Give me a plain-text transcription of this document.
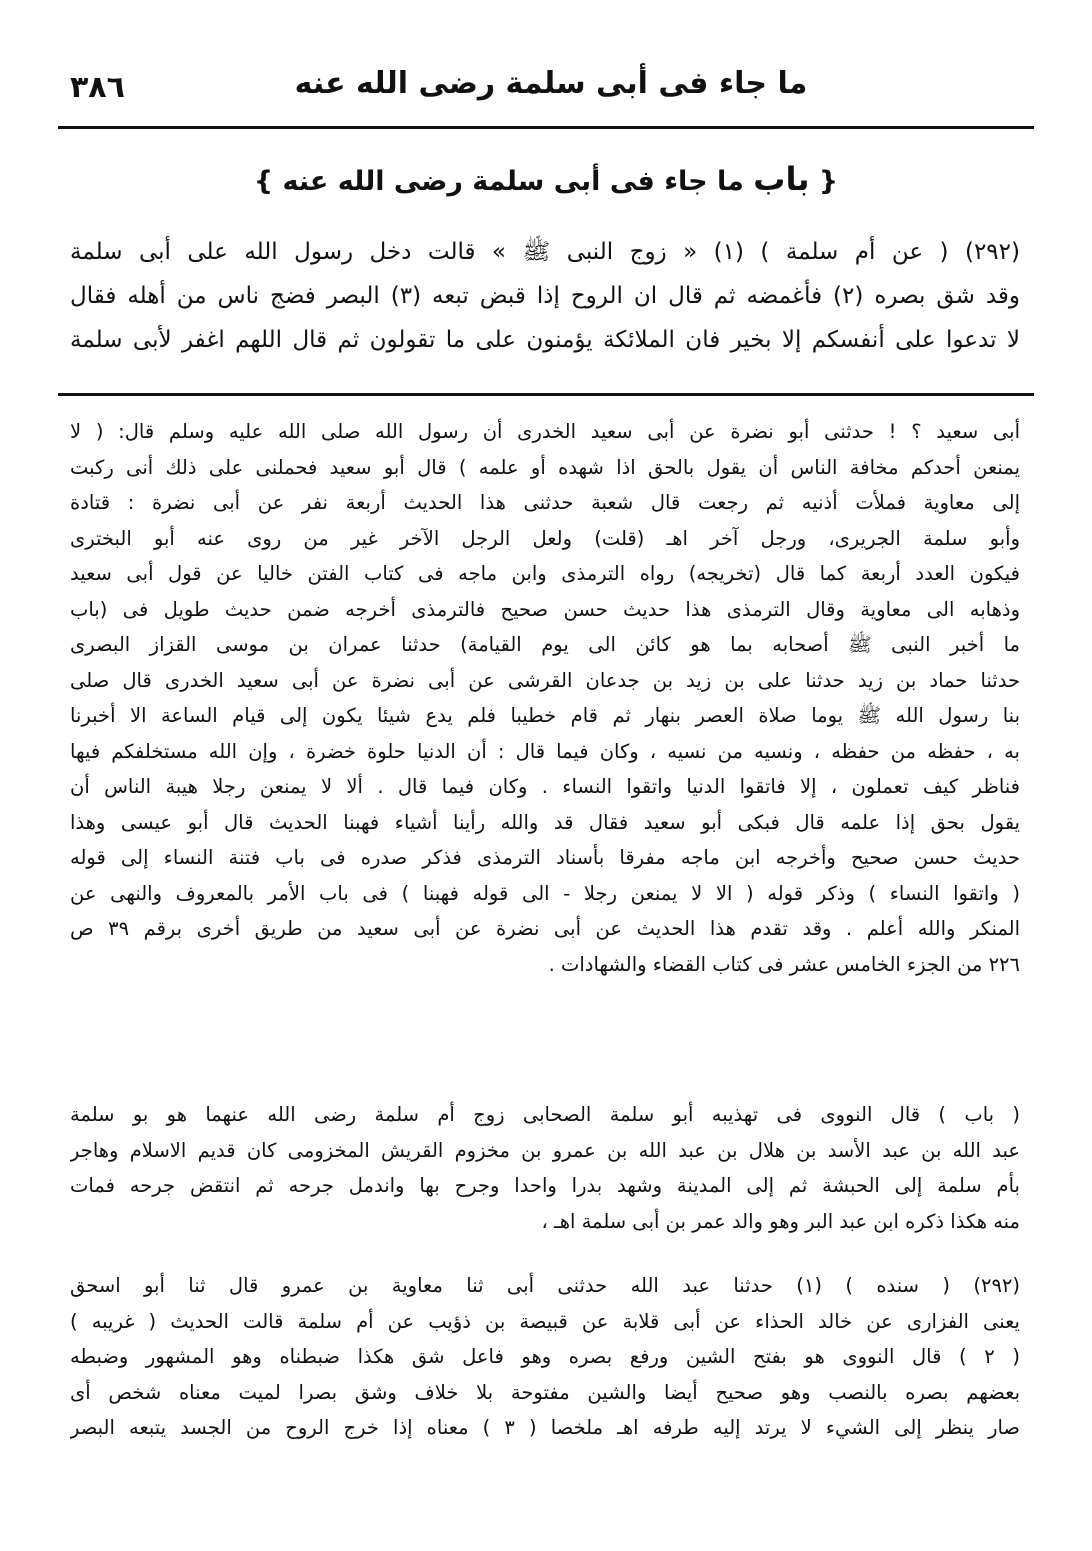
٣٨٦	ما جاء فى أبى سلمة رضى الله عنه
{ باب ما جاء فى أبى سلمة رضى الله عنه }
(٢٩٢) ( عن أم سلمة ) (١) « زوج النبى ﷺ » قالت دخل رسول الله على أبى سلمة
وقد شق بصره (٢) فأغمضه ثم قال ان الروح إذا قبض تبعه (٣) البصر فضج ناس من أهله فقال
لا تدعوا على أنفسكم إلا بخير فان الملائكة يؤمنون على ما تقولون ثم قال اللهم اغفر لأبى سلمة
أبى سعيد ؟ ! حدثنى أبو نضرة عن أبى سعيد الخدرى أن رسول الله صلى الله عليه وسلم قال: ( لا
يمنعن أحدكم مخافة الناس أن يقول بالحق اذا شهده أو علمه ) قال أبو سعيد فحملنى على ذلك أنى ركبت
إلى معاوية فملأت أذنيه ثم رجعت قال شعبة حدثنى هذا الحديث أربعة نفر عن أبى نضرة : قتادة
وأبو سلمة الجريرى، ورجل آخر اهـ (قلت) ولعل الرجل الآخر غير من روى عنه أبو البخترى
فيكون العدد أربعة كما قال (تخريجه) رواه الترمذى وابن ماجه فى كتاب الفتن خاليا عن قول أبى سعيد
وذهابه الى معاوية وقال الترمذى هذا حديث حسن صحيح فالترمذى أخرجه ضمن حديث طويل فى (باب
ما أخبر النبى ﷺ أصحابه بما هو كائن الى يوم القيامة) حدثنا عمران بن موسى القزاز البصرى
حدثنا حماد بن زيد حدثنا على بن زيد بن جدعان القرشى عن أبى نضرة عن أبى سعيد الخدرى قال صلى
بنا رسول الله ﷺ يوما صلاة العصر بنهار ثم قام خطيبا فلم يدع شيئا يكون إلى قيام الساعة الا أخبرنا
به ، حفظه من حفظه ، ونسيه من نسيه ، وكان فيما قال : أن الدنيا حلوة خضرة ، وإن الله مستخلفكم فيها
فناظر كيف تعملون ، إلا فاتقوا الدنيا واتقوا النساء . وكان فيما قال . ألا لا يمنعن رجلا هيبة الناس أن
يقول بحق إذا علمه قال فبكى أبو سعيد فقال قد والله رأينا أشياء فهبنا الحديث قال أبو عيسى وهذا
حديث حسن صحيح وأخرجه ابن ماجه مفرقا بأسناد الترمذى فذكر صدره فى باب فتنة النساء إلى قوله
( واتقوا النساء ) وذكر قوله ( الا لا يمنعن رجلا - الى قوله فهبنا ) فى باب الأمر بالمعروف والنهى عن
المنكر والله أعلم . وقد تقدم هذا الحديث عن أبى نضرة عن أبى سعيد من طريق أخرى برقم ٣٩ ص
٢٢٦ من الجزء الخامس عشر فى كتاب القضاء والشهادات .
( باب ) قال النووى فى تهذيبه أبو سلمة الصحابى زوج أم سلمة رضى الله عنهما هو بو سلمة
عبد الله بن عبد الأسد بن هلال بن عبد الله بن عمرو بن مخزوم القريش المخزومى كان قديم الاسلام وهاجر
بأم سلمة إلى الحبشة ثم إلى المدينة وشهد بدرا واحدا وجرح بها واندمل جرحه ثم انتقض جرحه فمات
منه هكذا ذكره ابن عبد البر وهو والد عمر بن أبى سلمة اهـ ،
(٢٩٢) ( سنده ) (١) حدثنا عبد الله حدثنى أبى ثنا معاوية بن عمرو قال ثنا أبو اسحق
يعنى الفزارى عن خالد الحذاء عن أبى قلابة عن قبيصة بن ذؤيب عن أم سلمة قالت الحديث ( غريبه )
( ٢ ) قال النووى هو بفتح الشين ورفع بصره وهو فاعل شق هكذا ضبطناه وهو المشهور وضبطه
بعضهم بصره بالنصب وهو صحيح أيضا والشين مفتوحة بلا خلاف وشق بصرا لميت معناه شخص أى
صار ينظر إلى الشيء لا يرتد إليه طرفه اهـ ملخصا ( ٣ ) معناه إذا خرج الروح من الجسد يتبعه البصر
